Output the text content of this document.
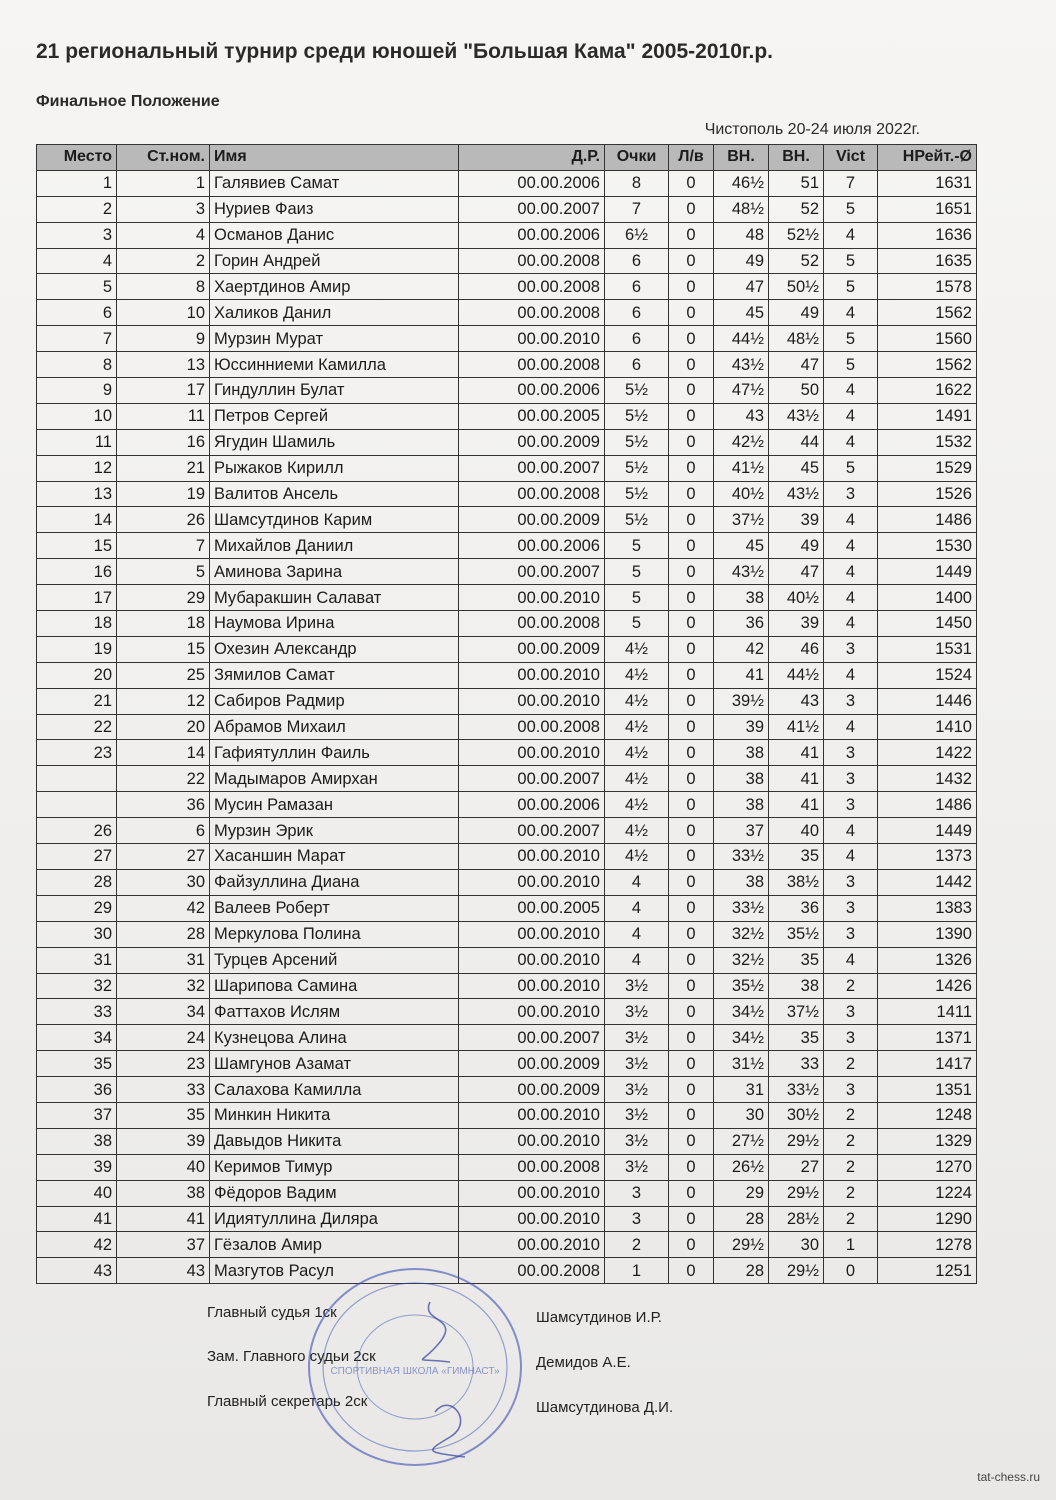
21 региональный турнир среди юношей "Большая Кама" 2005-2010г.р.
Финальное Положение
Чистополь 20-24 июля 2022г.
Место	Ст.ном.	Имя	Д.Р.	Очки	Л/в	ВН.	ВН.	Vict	НРейт.-Ø
1	1	Галявиев Самат	00.00.2006	8	0	46½	51	7	1631
2	3	Нуриев Фаиз	00.00.2007	7	0	48½	52	5	1651
3	4	Османов Данис	00.00.2006	6½	0	48	52½	4	1636
4	2	Горин Андрей	00.00.2008	6	0	49	52	5	1635
5	8	Хаертдинов Амир	00.00.2008	6	0	47	50½	5	1578
6	10	Халиков Данил	00.00.2008	6	0	45	49	4	1562
7	9	Мурзин Мурат	00.00.2010	6	0	44½	48½	5	1560
8	13	Юссинниеми Камилла	00.00.2008	6	0	43½	47	5	1562
9	17	Гиндуллин Булат	00.00.2006	5½	0	47½	50	4	1622
10	11	Петров Сергей	00.00.2005	5½	0	43	43½	4	1491
11	16	Ягудин Шамиль	00.00.2009	5½	0	42½	44	4	1532
12	21	Рыжаков Кирилл	00.00.2007	5½	0	41½	45	5	1529
13	19	Валитов Ансель	00.00.2008	5½	0	40½	43½	3	1526
14	26	Шамсутдинов Карим	00.00.2009	5½	0	37½	39	4	1486
15	7	Михайлов Даниил	00.00.2006	5	0	45	49	4	1530
16	5	Аминова Зарина	00.00.2007	5	0	43½	47	4	1449
17	29	Мубаракшин Салават	00.00.2010	5	0	38	40½	4	1400
18	18	Наумова Ирина	00.00.2008	5	0	36	39	4	1450
19	15	Охезин Александр	00.00.2009	4½	0	42	46	3	1531
20	25	Зямилов Самат	00.00.2010	4½	0	41	44½	4	1524
21	12	Сабиров Радмир	00.00.2010	4½	0	39½	43	3	1446
22	20	Абрамов Михаил	00.00.2008	4½	0	39	41½	4	1410
23	14	Гафиятуллин Фаиль	00.00.2010	4½	0	38	41	3	1422
	22	Мадымаров Амирхан	00.00.2007	4½	0	38	41	3	1432
	36	Мусин Рамазан	00.00.2006	4½	0	38	41	3	1486
26	6	Мурзин Эрик	00.00.2007	4½	0	37	40	4	1449
27	27	Хасаншин Марат	00.00.2010	4½	0	33½	35	4	1373
28	30	Файзуллина Диана	00.00.2010	4	0	38	38½	3	1442
29	42	Валеев Роберт	00.00.2005	4	0	33½	36	3	1383
30	28	Меркулова Полина	00.00.2010	4	0	32½	35½	3	1390
31	31	Турцев Арсений	00.00.2010	4	0	32½	35	4	1326
32	32	Шарипова Самина	00.00.2010	3½	0	35½	38	2	1426
33	34	Фаттахов Ислям	00.00.2010	3½	0	34½	37½	3	1411
34	24	Кузнецова Алина	00.00.2007	3½	0	34½	35	3	1371
35	23	Шамгунов Азамат	00.00.2009	3½	0	31½	33	2	1417
36	33	Салахова Камилла	00.00.2009	3½	0	31	33½	3	1351
37	35	Минкин Никита	00.00.2010	3½	0	30	30½	2	1248
38	39	Давыдов Никита	00.00.2010	3½	0	27½	29½	2	1329
39	40	Керимов Тимур	00.00.2008	3½	0	26½	27	2	1270
40	38	Фёдоров Вадим	00.00.2010	3	0	29	29½	2	1224
41	41	Идиятуллина Диляра	00.00.2010	3	0	28	28½	2	1290
42	37	Гёзалов Амир	00.00.2010	2	0	29½	30	1	1278
43	43	Мазгутов Расул	00.00.2008	1	0	28	29½	0	1251
Главный судья 1ск	Шамсутдинов И.Р.
Зам. Главного судьи 2ск	Демидов А.Е.
Главный секретарь 2ск	Шамсутдинова Д.И.
СПОРТИВНАЯ ШКОЛА «ГИМНАСТ»
tat-chess.ru
